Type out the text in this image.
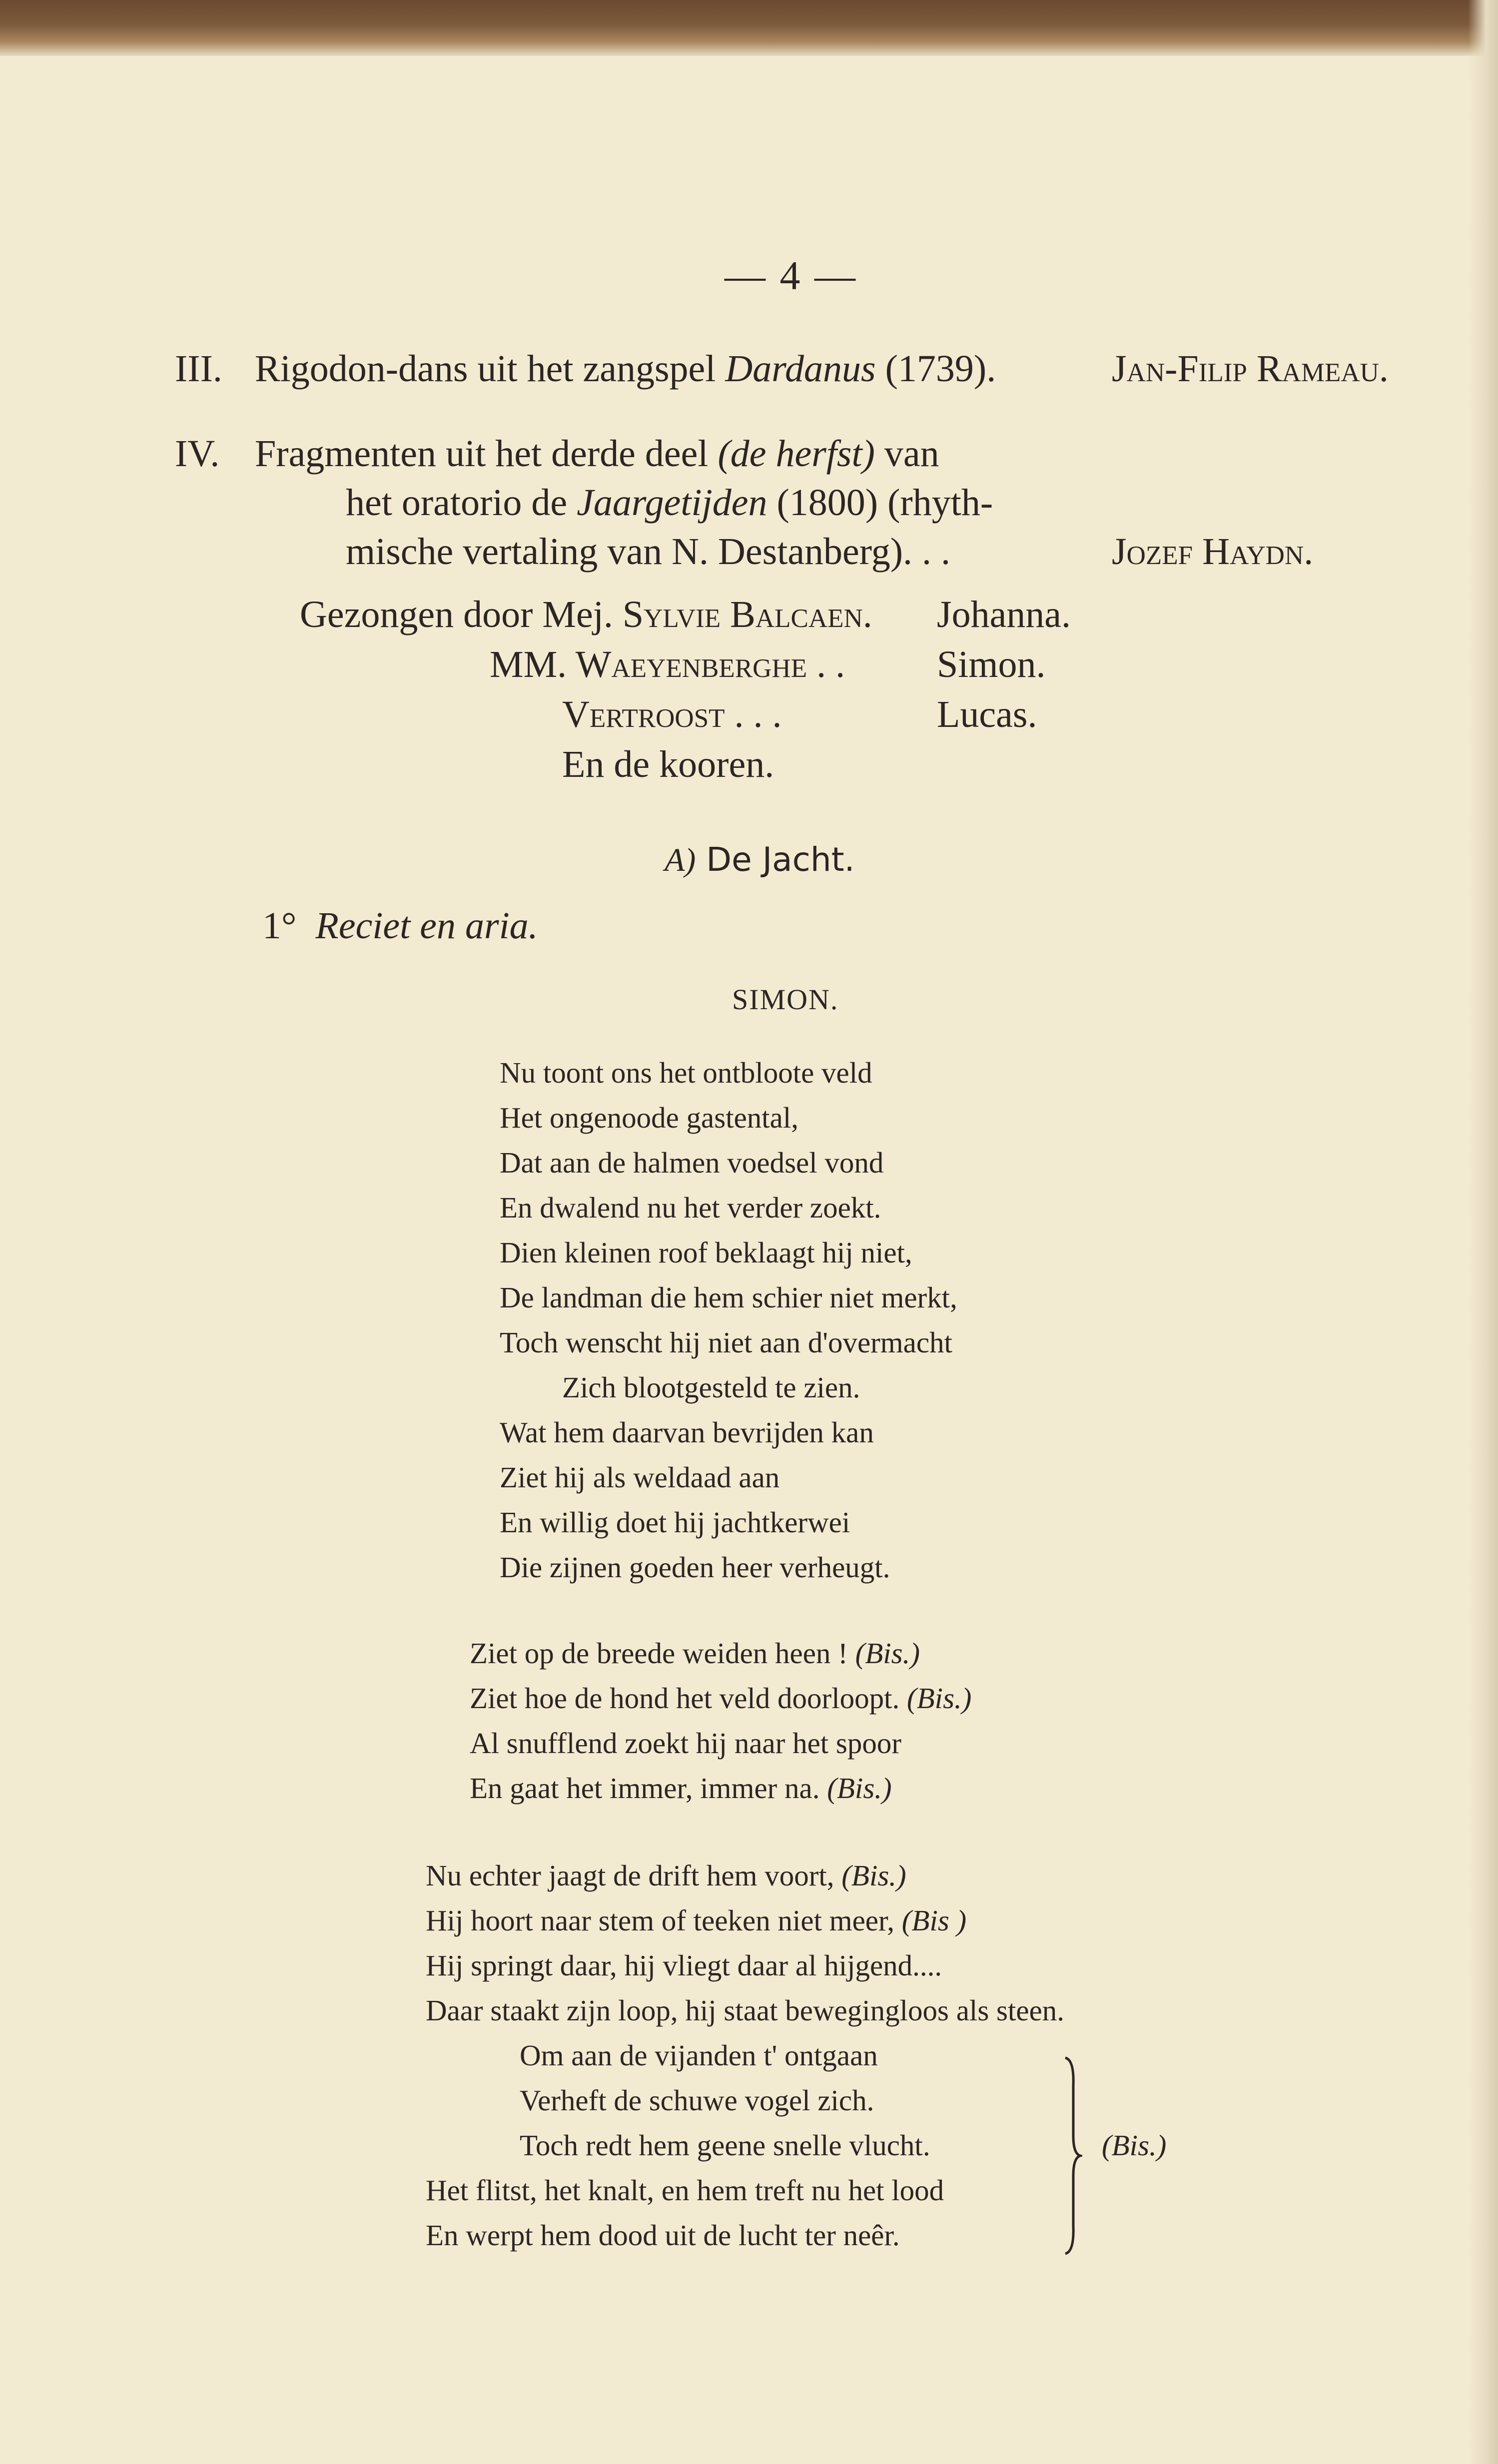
— 4 —
III. Rigodon-dans uit het zangspel Dardanus (1739).	Jan-Filip Rameau.
IV. Fragmenten uit het derde deel (de herfst) van
het oratorio de Jaargetijden (1800) (rhyth-
mische vertaling van N. Destanberg). . .	Jozef Haydn.
Gezongen door Mej. Sylvie Balcaen. Johanna.
MM. Waeyenberghe . . Simon.
Vertroost . . .	Lucas.
En de kooren.
A) De Jacht.
1° Reciet en aria.
SIMON.
Nu toont ons het ontbloote veld
Het ongenoode gastental,
Dat aan de halmen voedsel vond
En dwalend nu het verder zoekt.
Dien kleinen roof beklaagt hij niet,
De landman die hem schier niet merkt,
Toch wenscht hij niet aan d'overmacht
Zich blootgesteld te zien.
Wat hem daarvan bevrijden kan
Ziet hij als weldaad aan
En willig doet hij jachtkerwei
Die zijnen goeden heer verheugt.
Ziet op de breede weiden heen ! (Bis.)
Ziet hoe de hond het veld doorloopt. (Bis.)
Al snufflend zoekt hij naar het spoor
En gaat het immer, immer na. (Bis.)
Nu echter jaagt de drift hem voort, (Bis.)
Hij hoort naar stem of teeken niet meer, (Bis )
Hij springt daar, hij vliegt daar al hijgend....
Daar staakt zijn loop, hij staat bewegingloos als steen.
Om aan de vijanden t' ontgaan
Verheft de schuwe vogel zich.
Toch redt hem geene snelle vlucht.
Het flitst, het knalt, en hem treft nu het lood
En werpt hem dood uit de lucht ter neêr.
(Bis.)
